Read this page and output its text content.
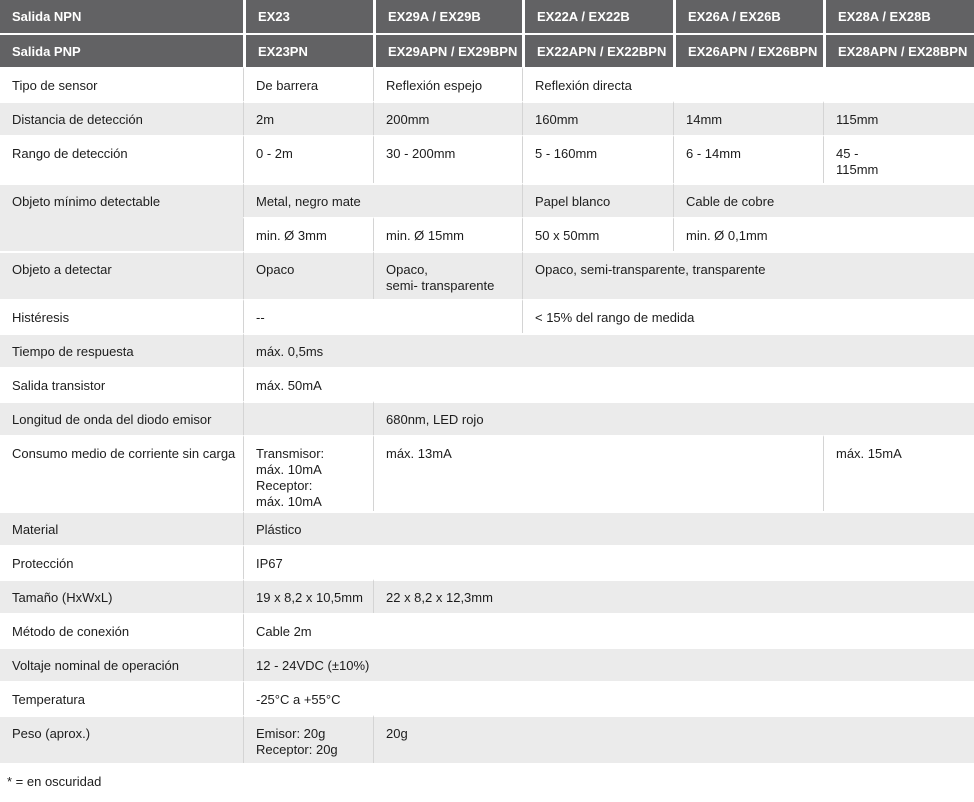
Salida NPN	EX23	EX29A / EX29B	EX22A / EX22B	EX26A / EX26B	EX28A / EX28B
Salida PNP	EX23PN	EX29APN / EX29BPN	EX22APN / EX22BPN	EX26APN / EX26BPN	EX28APN / EX28BPN
Tipo de sensor	De barrera	Reflexión espejo	Reflexión directa		
Distancia de detección	2m	200mm	160mm	14mm	115mm
Rango de detección	0 - 2m	30 - 200mm	5 - 160mm	6 - 14mm	45 -
115mm
Objeto mínimo detectable	Metal, negro mate		Papel blanco	Cable de cobre	
	min. Ø 3mm	min. Ø 15mm	50 x 50mm	min. Ø 0,1mm	
Objeto a detectar	Opaco	Opaco,
semi- transparente	Opaco, semi-transparente, transparente		
Histéresis	--		< 15% del rango de medida		
Tiempo de respuesta	máx. 0,5ms				
Salida transistor	máx. 50mA				
Longitud de onda del diodo emisor		680nm, LED rojo			
Consumo medio de corriente sin carga	Transmisor:
máx. 10mA
Receptor:
máx. 10mA	máx. 13mA			máx. 15mA
Material	Plástico				
Protección	IP67				
Tamaño (HxWxL)	19 x 8,2 x 10,5mm	22 x 8,2 x 12,3mm			
Método de conexión	Cable 2m				
Voltaje nominal de operación	12 - 24VDC (±10%)				
Temperatura	-25°C a +55°C				
Peso (aprox.)	Emisor: 20g
Receptor: 20g	20g			
* = en oscuridad
